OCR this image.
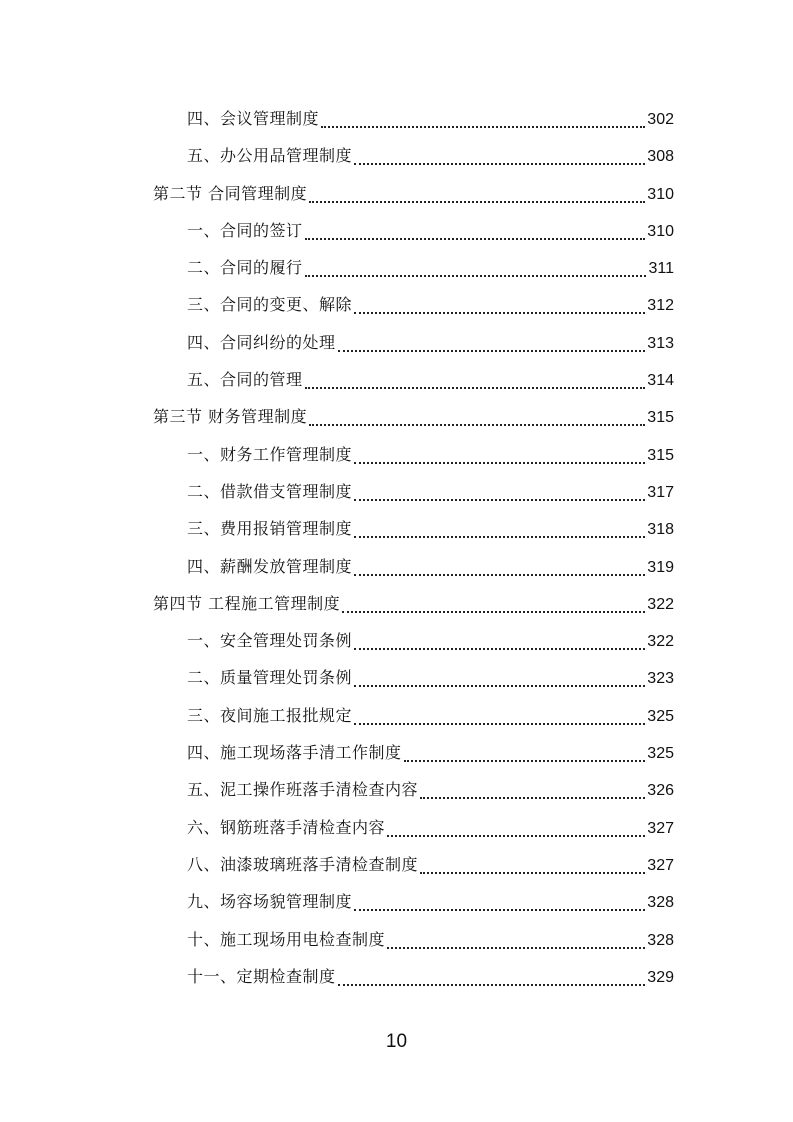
四、会议管理制度	302
五、办公用品管理制度	308
第二节 合同管理制度	310
一、合同的签订	310
二、合同的履行	311
三、合同的变更、解除	312
四、合同纠纷的处理	313
五、合同的管理	314
第三节 财务管理制度	315
一、财务工作管理制度	315
二、借款借支管理制度	317
三、费用报销管理制度	318
四、薪酬发放管理制度	319
第四节 工程施工管理制度	322
一、安全管理处罚条例	322
二、质量管理处罚条例	323
三、夜间施工报批规定	325
四、施工现场落手清工作制度	325
五、泥工操作班落手清检查内容	326
六、钢筋班落手清检查内容	327
八、油漆玻璃班落手清检查制度	327
九、场容场貌管理制度	328
十、施工现场用电检查制度	328
十一、定期检查制度	329
10
